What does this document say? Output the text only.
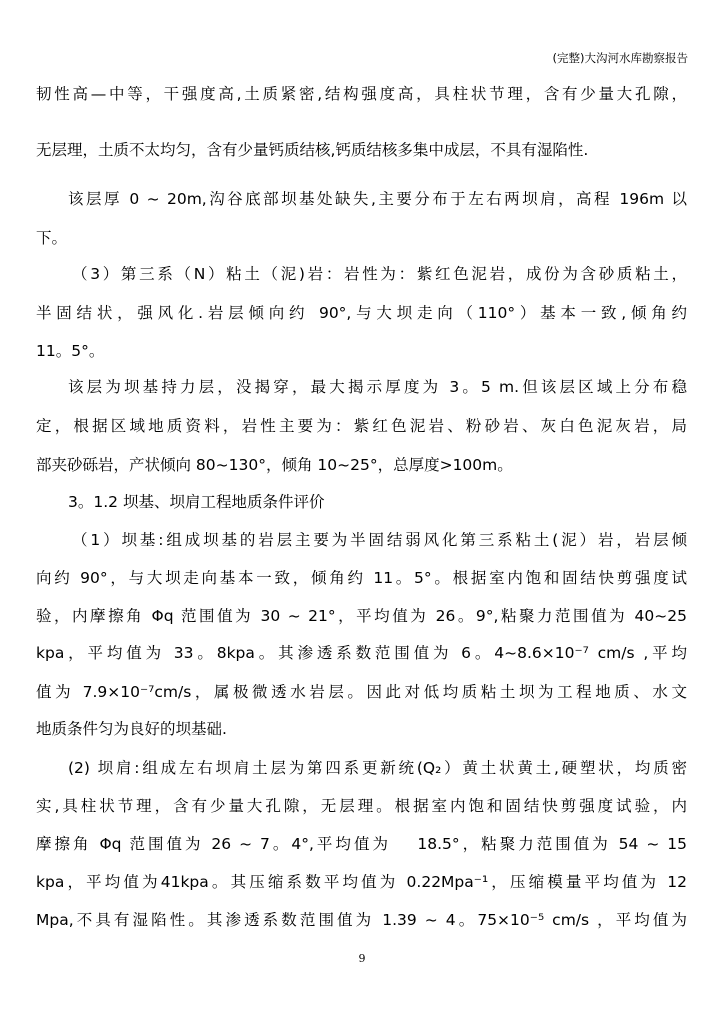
(完整)大沟河水库勘察报告
韧性高—中等，干强度高,土质紧密,结构强度高，具柱状节理，含有少量大孔隙，
无层理，土质不太均匀，含有少量钙质结核,钙质结核多集中成层，不具有湿陷性.
该层厚 0 ~ 20m,沟谷底部坝基处缺失,主要分布于左右两坝肩，高程 196m 以
下。
（3）第三系（N）粘土（泥)岩：岩性为：紫红色泥岩，成份为含砂质粘土，
半固结状，强风化.岩层倾向约 90°,与大坝走向（110°）基本一致,倾角约
11。5°。
该层为坝基持力层，没揭穿，最大揭示厚度为 3。5 m.但该层区域上分布稳
定，根据区域地质资料，岩性主要为：紫红色泥岩、粉砂岩、灰白色泥灰岩，局
部夹砂砾岩，产状倾向 80~130°，倾角 10~25°，总厚度>100m。
3。1.2 坝基、坝肩工程地质条件评价
（1）坝基:组成坝基的岩层主要为半固结弱风化第三系粘土(泥）岩，岩层倾
向约 90°，与大坝走向基本一致，倾角约 11。5°。根据室内饱和固结快剪强度试
验，内摩擦角 Φq 范围值为 30 ~ 21°，平均值为 26。9°,粘聚力范围值为 40~25
kpa，平均值为 33。8kpa。其渗透系数范围值为 6。4~8.6×10⁻⁷ cm/s ,平均
值为 7.9×10⁻⁷cm/s，属极微透水岩层。因此对低均质粘土坝为工程地质、水文
地质条件匀为良好的坝基础.
(2) 坝肩:组成左右坝肩土层为第四系更新统(Q₂）黄土状黄土,硬塑状，均质密
实,具柱状节理，含有少量大孔隙，无层理。根据室内饱和固结快剪强度试验，内
摩擦角 Φq 范围值为 26 ~ 7。4°,平均值为　 18.5°，粘聚力范围值为 54 ~ 15
kpa，平均值为41kpa。其压缩系数平均值为 0.22Mpa⁻¹，压缩模量平均值为 12
Mpa,不具有湿陷性。其渗透系数范围值为 1.39 ~ 4。75×10⁻⁵ cm/s ，平均值为
9
